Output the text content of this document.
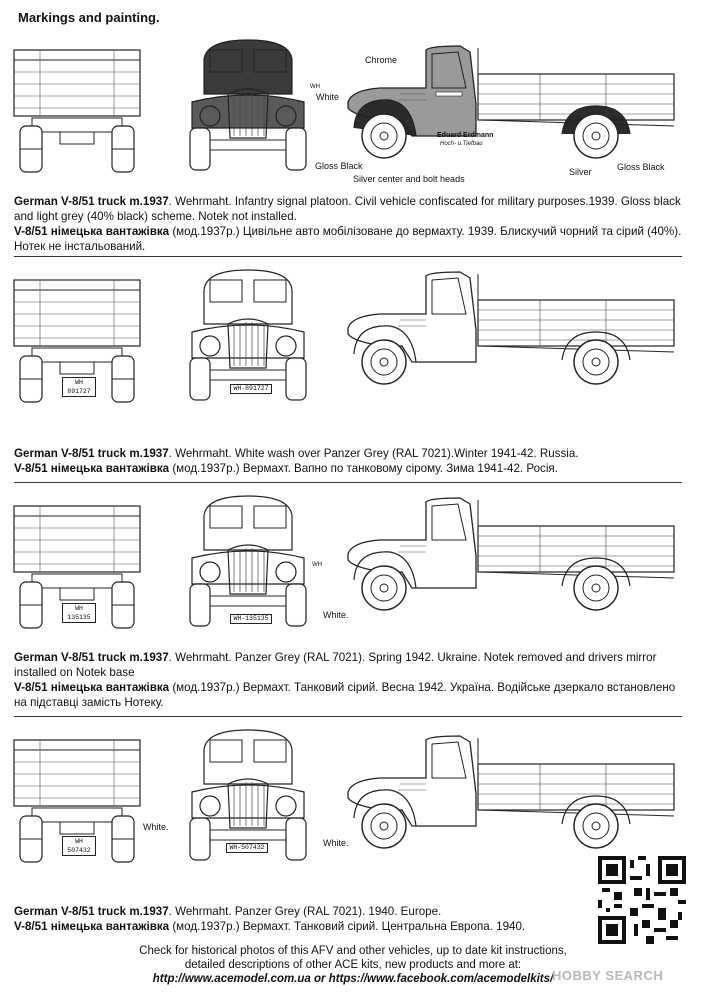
Markings and painting.
Chrome
White
WH
Gloss Black
Silver center and bolt heads
Silver	Gloss Black
Eduard Erdmann
Hoch- u.Tiefbau
German V-8/51 truck m.1937. Wehrmaht. Infantry signal platoon. Civil vehicle confiscated for military purposes.1939. Gloss black and light grey (40% black) scheme. Notek not installed.
V-8/51 німецька вантажівка (мод.1937р.) Цивільне авто мобілізоване до вермахту. 1939. Блискучий чорний та сірий (40%). Нотек не інстальований.
WH
891727	WH-891727
German V-8/51 truck m.1937. Wehrmaht. White wash over Panzer Grey (RAL 7021).Winter 1941-42. Russia.
V-8/51 німецька вантажівка (мод.1937р.) Вермахт. Вапно по танковому сірому. Зима 1941-42. Росія.
WH
135135	WH-135135
WH
White.
German V-8/51 truck m.1937. Wehrmaht. Panzer Grey (RAL 7021). Spring 1942. Ukraine. Notek removed and drivers mirror installed on Notek base
V-8/51 німецька вантажівка (мод.1937р.) Вермахт. Танковий сірий. Весна 1942. Україна. Водійське дзеркало встановлено на підставці замість Нотеку.
WH
507432
White.
WH-507432	White.
German V-8/51 truck m.1937. Wehrmaht. Panzer Grey (RAL 7021). 1940. Europe.
V-8/51 німецька вантажівка (мод.1937р.) Вермахт. Танковий сірий. Центральна Европа. 1940.
Check for historical photos of this AFV and other vehicles, up to date kit instructions,
detailed descriptions of other ACE kits, new products and more at:
http://www.acemodel.com.ua or https://www.facebook.com/acemodelkits/
HOBBY SEARCH
